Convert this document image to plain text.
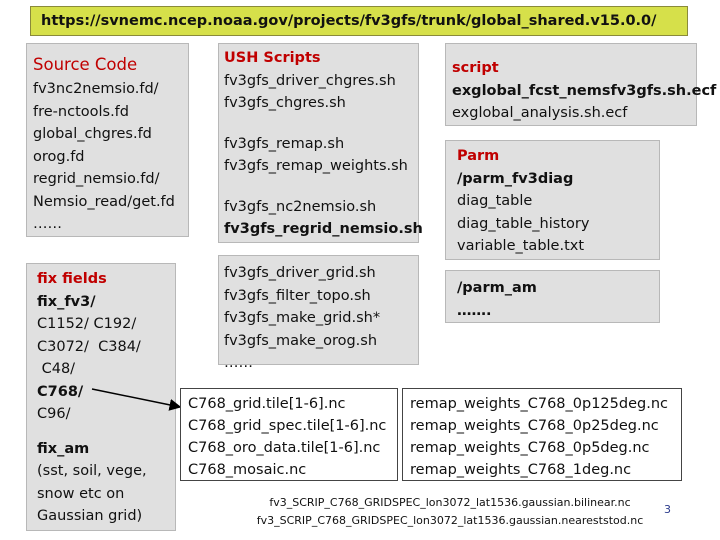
https://svnemc.ncep.noaa.gov/projects/fv3gfs/trunk/global_shared.v15.0.0/
Source Code
fv3nc2nemsio.fd/
fre-nctools.fd
global_chgres.fd
orog.fd
regrid_nemsio.fd/
Nemsio_read/get.fd
……
USH Scripts
fv3gfs_driver_chgres.sh
fv3gfs_chgres.sh
fv3gfs_remap.sh
fv3gfs_remap_weights.sh
fv3gfs_nc2nemsio.sh
fv3gfs_regrid_nemsio.sh
script
exglobal_fcst_nemsfv3gfs.sh.ecf
exglobal_analysis.sh.ecf
Parm
/parm_fv3diag
diag_table
diag_table_history
variable_table.txt
fix fields
fix_fv3/
C1152/ C192/
C3072/  C384/
C48/
C768/
C96/
fix_am
(sst, soil, vege,
snow etc on
Gaussian grid)
fv3gfs_driver_grid.sh
fv3gfs_filter_topo.sh
fv3gfs_make_grid.sh*
fv3gfs_make_orog.sh
……
/parm_am
…….
C768_grid.tile[1-6].nc
C768_grid_spec.tile[1-6].nc
C768_oro_data.tile[1-6].nc
C768_mosaic.nc
remap_weights_C768_0p125deg.nc
remap_weights_C768_0p25deg.nc
remap_weights_C768_0p5deg.nc
remap_weights_C768_1deg.nc
fv3_SCRIP_C768_GRIDSPEC_lon3072_lat1536.gaussian.bilinear.nc
fv3_SCRIP_C768_GRIDSPEC_lon3072_lat1536.gaussian.neareststod.nc
3
